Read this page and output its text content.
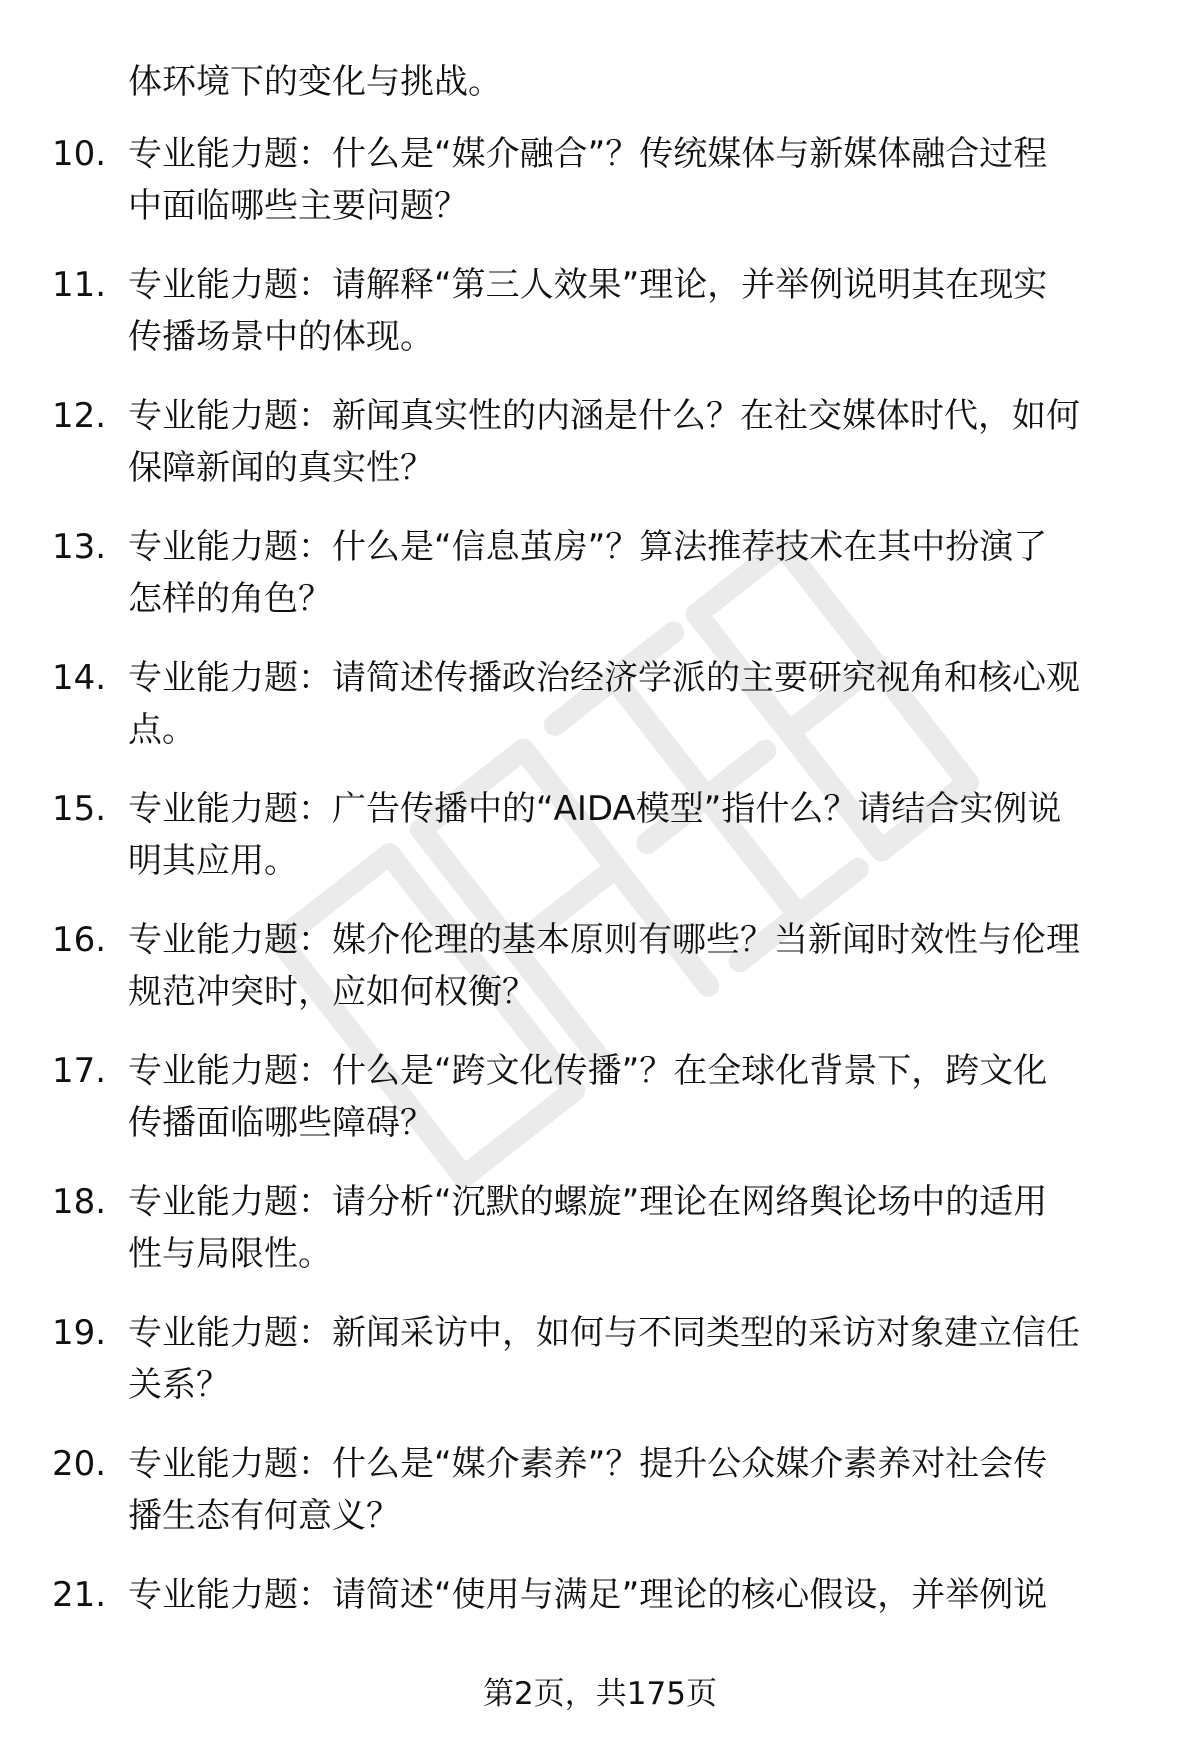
体环境下的变化与挑战。
10. 专业能力题：什么是“媒介融合”？传统媒体与新媒体融合过程
中面临哪些主要问题？
11. 专业能力题：请解释“第三人效果”理论，并举例说明其在现实
传播场景中的体现。
12. 专业能力题：新闻真实性的内涵是什么？在社交媒体时代，如何
保障新闻的真实性？
13. 专业能力题：什么是“信息茧房”？算法推荐技术在其中扮演了
怎样的角色？
14. 专业能力题：请简述传播政治经济学派的主要研究视角和核心观
点。
15. 专业能力题：广告传播中的“AIDA模型”指什么？请结合实例说
明其应用。
16. 专业能力题：媒介伦理的基本原则有哪些？当新闻时效性与伦理
规范冲突时，应如何权衡？
17. 专业能力题：什么是“跨文化传播”？在全球化背景下，跨文化
传播面临哪些障碍？
18. 专业能力题：请分析“沉默的螺旋”理论在网络舆论场中的适用
性与局限性。
19. 专业能力题：新闻采访中，如何与不同类型的采访对象建立信任
关系？
20. 专业能力题：什么是“媒介素养”？提升公众媒介素养对社会传
播生态有何意义？
21. 专业能力题：请简述“使用与满足”理论的核心假设，并举例说
第2页，共175页
